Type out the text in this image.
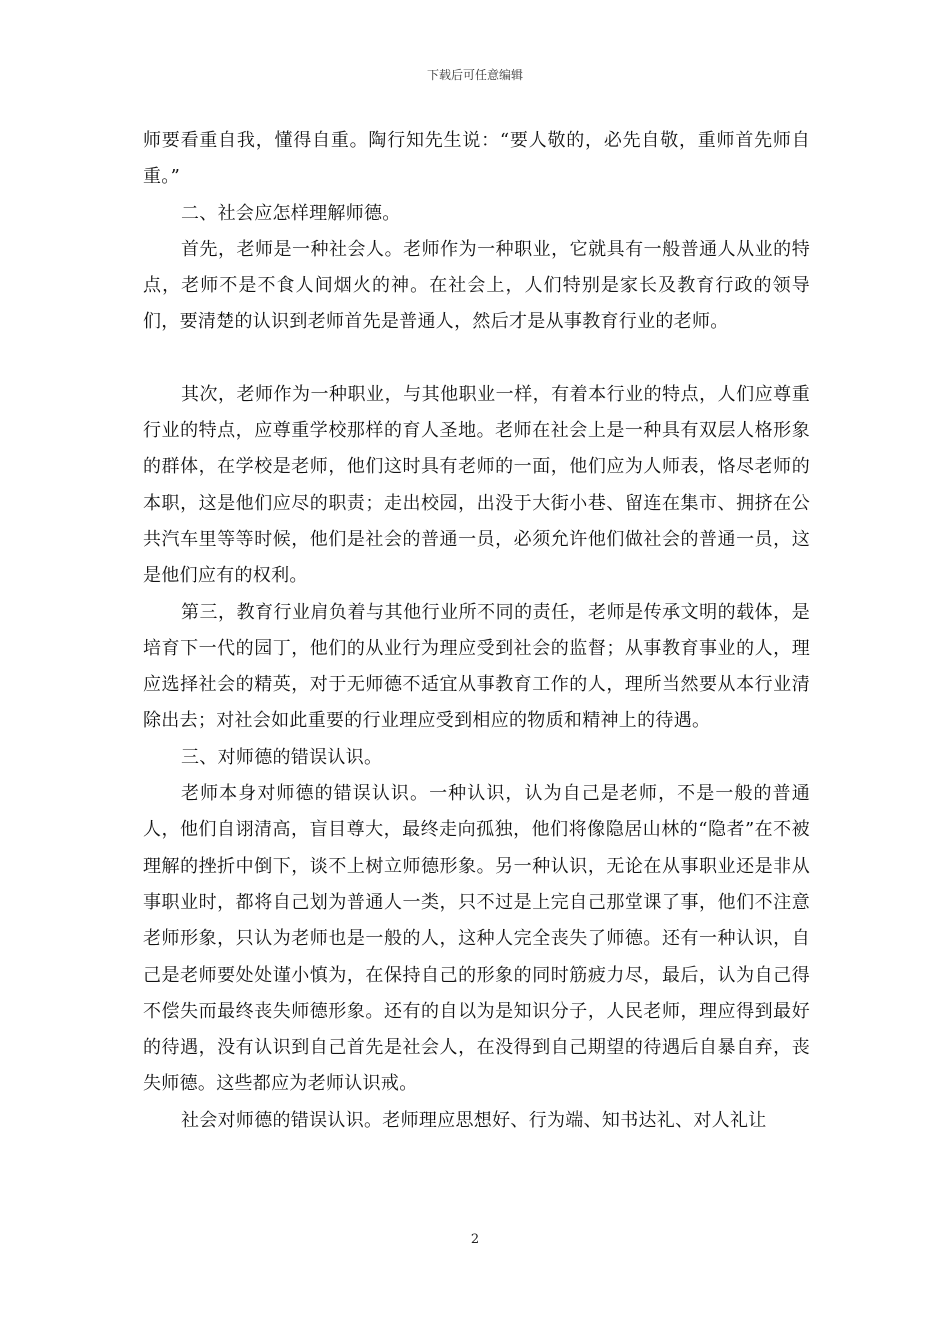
下载后可任意编辑

师要看重自我，懂得自重。陶行知先生说：“要人敬的，必先自敬，重师首先师自重。”

二、社会应怎样理解师德。

首先，老师是一种社会人。老师作为一种职业，它就具有一般普通人从业的特点，老师不是不食人间烟火的神。在社会上，人们特别是家长及教育行政的领导们，要清楚的认识到老师首先是普通人，然后才是从事教育行业的老师。

其次，老师作为一种职业，与其他职业一样，有着本行业的特点，人们应尊重行业的特点，应尊重学校那样的育人圣地。老师在社会上是一种具有双层人格形象的群体，在学校是老师，他们这时具有老师的一面，他们应为人师表，恪尽老师的本职，这是他们应尽的职责；走出校园，出没于大街小巷、留连在集市、拥挤在公共汽车里等等时候，他们是社会的普通一员，必须允许他们做社会的普通一员，这是他们应有的权利。

第三，教育行业肩负着与其他行业所不同的责任，老师是传承文明的载体，是培育下一代的园丁，他们的从业行为理应受到社会的监督；从事教育事业的人，理应选择社会的精英，对于无师德不适宜从事教育工作的人，理所当然要从本行业清除出去；对社会如此重要的行业理应受到相应的物质和精神上的待遇。

三、对师德的错误认识。

老师本身对师德的错误认识。一种认识，认为自己是老师，不是一般的普通人，他们自诩清高，盲目尊大，最终走向孤独，他们将像隐居山林的“隐者”在不被理解的挫折中倒下，谈不上树立师德形象。另一种认识，无论在从事职业还是非从事职业时，都将自己划为普通人一类，只不过是上完自己那堂课了事，他们不注意老师形象，只认为老师也是一般的人，这种人完全丧失了师德。还有一种认识，自己是老师要处处谨小慎为，在保持自己的形象的同时筋疲力尽，最后，认为自己得不偿失而最终丧失师德形象。还有的自以为是知识分子，人民老师，理应得到最好的待遇，没有认识到自己首先是社会人，在没得到自己期望的待遇后自暴自弃，丧失师德。这些都应为老师认识戒。

社会对师德的错误认识。老师理应思想好、行为端、知书达礼、对人礼让

2
